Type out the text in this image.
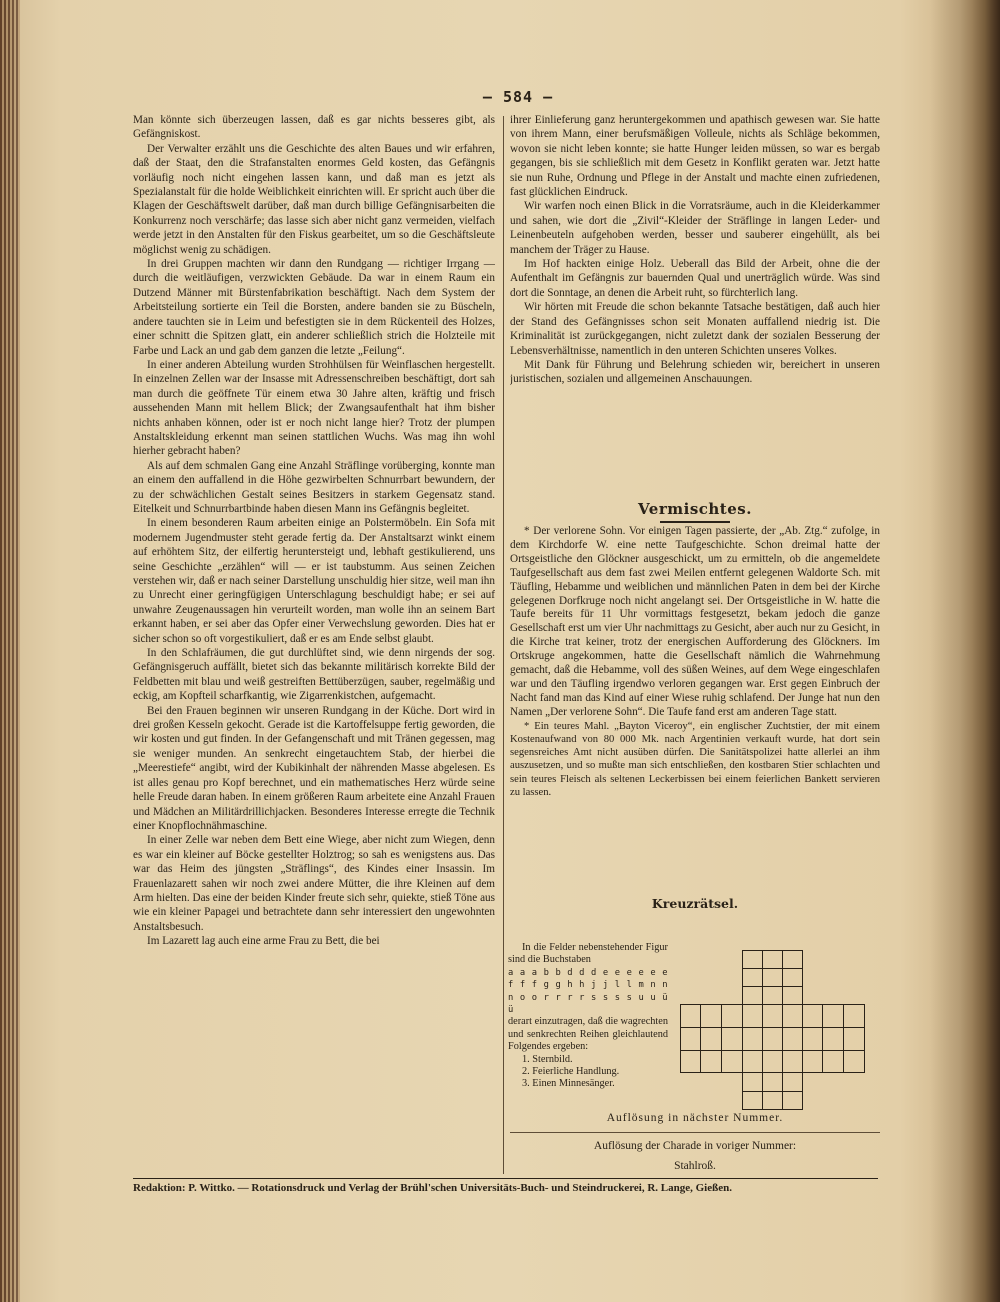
— 584 —

Man könnte sich überzeugen lassen, daß es gar nichts besseres gibt, als Gefängniskost.

Der Verwalter erzählt uns die Geschichte des alten Baues und wir erfahren, daß der Staat, den die Strafanstalten enormes Geld kosten, das Gefängnis vorläufig noch nicht eingehen lassen kann, und daß man es jetzt als Spezialanstalt für die holde Weiblichkeit einrichten will. Er spricht auch über die Klagen der Geschäftswelt darüber, daß man durch billige Gefängnisarbeiten die Konkurrenz noch verschärfe; das lasse sich aber nicht ganz vermeiden, vielfach werde jetzt in den Anstalten für den Fiskus gearbeitet, um so die Geschäftsleute möglichst wenig zu schädigen.

In drei Gruppen machten wir dann den Rundgang — richtiger Irrgang — durch die weitläufigen, verzwickten Gebäude. Da war in einem Raum ein Dutzend Männer mit Bürstenfabrikation beschäftigt. Nach dem System der Arbeitsteilung sortierte ein Teil die Borsten, andere banden sie zu Büscheln, andere tauchten sie in Leim und befestigten sie in dem Rückenteil des Holzes, einer schnitt die Spitzen glatt, ein anderer schließlich strich die Holzteile mit Farbe und Lack an und gab dem ganzen die letzte „Feilung“.

In einer anderen Abteilung wurden Strohhülsen für Weinflaschen hergestellt. In einzelnen Zellen war der Insasse mit Adressenschreiben beschäftigt, dort sah man durch die geöffnete Tür einem etwa 30 Jahre alten, kräftig und frisch aussehenden Mann mit hellem Blick; der Zwangsaufenthalt hat ihm bisher nichts anhaben können, oder ist er noch nicht lange hier? Trotz der plumpen Anstaltskleidung erkennt man seinen stattlichen Wuchs. Was mag ihn wohl hierher gebracht haben?

Als auf dem schmalen Gang eine Anzahl Sträflinge vorüberging, konnte man an einem den auffallend in die Höhe gezwirbelten Schnurrbart bewundern, der zu der schwächlichen Gestalt seines Besitzers in starkem Gegensatz stand. Eitelkeit und Schnurrbartbinde haben diesen Mann ins Gefängnis begleitet.

In einem besonderen Raum arbeiten einige an Polstermöbeln. Ein Sofa mit modernem Jugendmuster steht gerade fertig da. Der Anstaltsarzt winkt einem auf erhöhtem Sitz, der eilfertig heruntersteigt und, lebhaft gestikulierend, uns seine Geschichte „erzählen“ will — er ist taubstumm. Aus seinen Zeichen verstehen wir, daß er nach seiner Darstellung unschuldig hier sitze, weil man ihn zu Unrecht einer geringfügigen Unterschlagung beschuldigt habe; er sei auf unwahre Zeugenaussagen hin verurteilt worden, man wolle ihn an seinem Bart erkannt haben, er sei aber das Opfer einer Verwechslung geworden. Dies hat er sicher schon so oft vorgestikuliert, daß er es am Ende selbst glaubt.

In den Schlafräumen, die gut durchlüftet sind, wie denn nirgends der sog. Gefängnisgeruch auffällt, bietet sich das bekannte militärisch korrekte Bild der Feldbetten mit blau und weiß gestreiften Bettüberzügen, sauber, regelmäßig und eckig, am Kopfteil scharfkantig, wie Zigarrenkistchen, aufgemacht.

Bei den Frauen beginnen wir unseren Rundgang in der Küche. Dort wird in drei großen Kesseln gekocht. Gerade ist die Kartoffelsuppe fertig geworden, die wir kosten und gut finden. In der Gefangenschaft und mit Tränen gegessen, mag sie weniger munden. An senkrecht eingetauchtem Stab, der hierbei die „Meerestiefe“ angibt, wird der Kubikinhalt der nährenden Masse abgelesen. Es ist alles genau pro Kopf berechnet, und ein mathematisches Herz würde seine helle Freude daran haben. In einem größeren Raum arbeitete eine Anzahl Frauen und Mädchen an Militärdrillichjacken. Besonderes Interesse erregte die Technik einer Knopflochnähmaschine.

In einer Zelle war neben dem Bett eine Wiege, aber nicht zum Wiegen, denn es war ein kleiner auf Böcke gestellter Holztrog; so sah es wenigstens aus. Das war das Heim des jüngsten „Sträflings“, des Kindes einer Insassin. Im Frauenlazarett sahen wir noch zwei andere Mütter, die ihre Kleinen auf dem Arm hielten. Das eine der beiden Kinder freute sich sehr, quiekte, stieß Töne aus wie ein kleiner Papagei und betrachtete dann sehr interessiert den ungewohnten Anstaltsbesuch.

Im Lazarett lag auch eine arme Frau zu Bett, die bei

ihrer Einlieferung ganz heruntergekommen und apathisch gewesen war. Sie hatte von ihrem Mann, einer berufsmäßigen Volleule, nichts als Schläge bekommen, wovon sie nicht leben konnte; sie hatte Hunger leiden müssen, so war es bergab gegangen, bis sie schließlich mit dem Gesetz in Konflikt geraten war. Jetzt hatte sie nun Ruhe, Ordnung und Pflege in der Anstalt und machte einen zufriedenen, fast glücklichen Eindruck.

Wir warfen noch einen Blick in die Vorratsräume, auch in die Kleiderkammer und sahen, wie dort die „Zivil“-Kleider der Sträflinge in langen Leder- und Leinenbeuteln aufgehoben werden, besser und sauberer eingehüllt, als bei manchem der Träger zu Hause.

Im Hof hackten einige Holz. Ueberall das Bild der Arbeit, ohne die der Aufenthalt im Gefängnis zur bauernden Qual und unerträglich würde. Was sind dort die Sonntage, an denen die Arbeit ruht, so fürchterlich lang.

Wir hörten mit Freude die schon bekannte Tatsache bestätigen, daß auch hier der Stand des Gefängnisses schon seit Monaten auffallend niedrig ist. Die Kriminalität ist zurückgegangen, nicht zuletzt dank der sozialen Besserung der Lebensverhältnisse, namentlich in den unteren Schichten unseres Volkes.

Mit Dank für Führung und Belehrung schieden wir, bereichert in unseren juristischen, sozialen und allgemeinen Anschauungen.

Vermischtes.

* Der verlorene Sohn. Vor einigen Tagen passierte, der „Ab. Ztg.“ zufolge, in dem Kirchdorfe W. eine nette Taufgeschichte. Schon dreimal hatte der Ortsgeistliche den Glöckner ausgeschickt, um zu ermitteln, ob die angemeldete Taufgesellschaft aus dem fast zwei Meilen entfernt gelegenen Waldorte Sch. mit Täufling, Hebamme und weiblichen und männlichen Paten in dem bei der Kirche gelegenen Dorfkruge noch nicht angelangt sei. Der Ortsgeistliche in W. hatte die Taufe bereits für 11 Uhr vormittags festgesetzt, bekam jedoch die ganze Gesellschaft erst um vier Uhr nachmittags zu Gesicht, aber auch nur zu Gesicht, in die Kirche trat keiner, trotz der energischen Aufforderung des Glöckners. Im Ortskruge angekommen, hatte die Gesellschaft nämlich die Wahrnehmung gemacht, daß die Hebamme, voll des süßen Weines, auf dem Wege eingeschlafen war und den Täufling irgendwo verloren gegangen war. Erst gegen Einbruch der Nacht fand man das Kind auf einer Wiese ruhig schlafend. Der Junge hat nun den Namen „Der verlorene Sohn“. Die Taufe fand erst am anderen Tage statt.

* Ein teures Mahl. „Bayton Viceroy“, ein englischer Zuchtstier, der mit einem Kostenaufwand von 80 000 Mk. nach Argentinien verkauft wurde, hat dort sein segensreiches Amt nicht ausüben dürfen. Die Sanitätspolizei hatte allerlei an ihm auszusetzen, und so mußte man sich entschließen, den kostbaren Stier schlachten und sein teures Fleisch als seltenen Leckerbissen bei einem feierlichen Bankett servieren zu lassen.

Kreuzrätsel.

In die Felder nebenstehender Figur sind die Buchstaben

a a a b b d d d e e e e e e f f f g g h h j j l l m n n n o o r r r r s s s s u u ü ü

derart einzutragen, daß die wagrechten und senkrechten Reihen gleichlautend Folgendes ergeben:

1. Sternbild.
2. Feierliche Handlung.
3. Einen Minnesänger.
Auflösung in nächster Nummer.
Auflösung der Charade in voriger Nummer:
Stahlroß.
Redaktion: P. Wittko. — Rotationsdruck und Verlag der Brühl'schen Universitäts-Buch- und Steindruckerei, R. Lange, Gießen.
